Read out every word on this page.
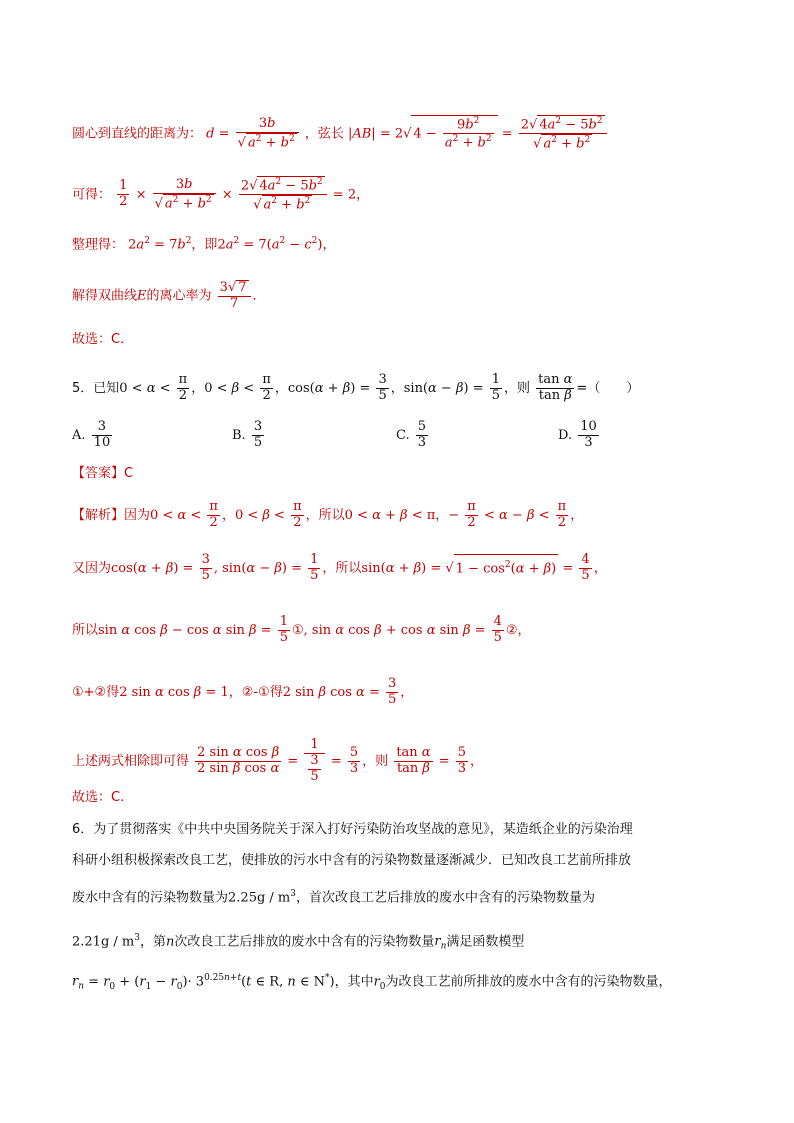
圆心到直线的距离为： $d = \frac{3b}{√ a^2 + b^2}$ ，弦长 |AB| = 2√ $4 - \frac{9b^2}{a^2 + b^2} = \frac{2√ 4a^2 - 5b^2}{√ a^2 + b^2}$
可得： $\frac{1}{2} \times \frac{3b}{√ a^2 + b^2} \times \frac{2√ 4a^2 - 5b^2}{√ a^2 + b^2} = 2$，
整理得： $2a^2 = 7b^2$，即$2a^2 = 7(a^2 - c^2)$，
解得双曲线E的离心率为 $\frac{3√ 7}{7}$ ．
故选：C．
5．已知$0 < \alpha < \frac{\pi}{2}$ ，$0 < \beta < \frac{\pi}{2}$ ，$\cos(\alpha + \beta) = \frac{3}{5}$ ，$\sin(\alpha - \beta) = \frac{1}{5}$ ，则 $\frac{\text{tan α}}{\text{tan β}}$ =（　　）
A. $\frac{3}{10}$	B. $\frac{3}{5}$	C. $\frac{5}{3}$	D. $\frac{10}{3}$
【答案】C
【解析】因为$0 < \alpha < \frac{\pi}{2}$ ，$0 < \beta < \frac{\pi}{2}$ ，所以0 < α + β < π，− $\frac{\pi}{2} < \alpha - \beta < \frac{\pi}{2}$ ，
又因为$\cos(\alpha + \beta) = \frac{3}{5}$ , $\sin(\alpha - \beta) = \frac{1}{5}$ ，所以sin(α + β) = √ $1 - \cos^2(\alpha + \beta) = \frac{4}{5}$ ，
所以sin α cos β − cos α $\sin \beta = \frac{1}{5}$ ①, sin α cos β + cos α $\sin \beta = \frac{4}{5}$ ②，
①+②得2 sin α cos β = 1，②-①得2 sin β $\cos \alpha = \frac{3}{5}$ ，
上述两式相除即可得 $\frac{\text{2 sin α cos β}}{\text{2 sin β cos α}} = \frac{1}{\frac{3}{5}} = \frac{5}{3}$ ，则 $\frac{\text{tan α}}{\text{tan β}} = \frac{5}{3}$ ，
故选：C.
6．为了贯彻落实《中共中央国务院关于深入打好污染防治攻坚战的意见》，某造纸企业的污染治理
科研小组积极探索改良工艺，使排放的污水中含有的污染物数量逐渐减少．已知改良工艺前所排放
废水中含有的污染物数量为$2.25g / m^3$，首次改良工艺后排放的废水中含有的污染物数量为
$2.21g / m^3$，第n次改良工艺后排放的废水中含有的污染物数量$r_n$满足函数模型
$r_n = r_0 + (r_1 - r_0)\cdot 3^{0.25n+t}(t$ ∈ R, n ∈ N*)，其中$r_0$为改良工艺前所排放的废水中含有的污染物数量，
